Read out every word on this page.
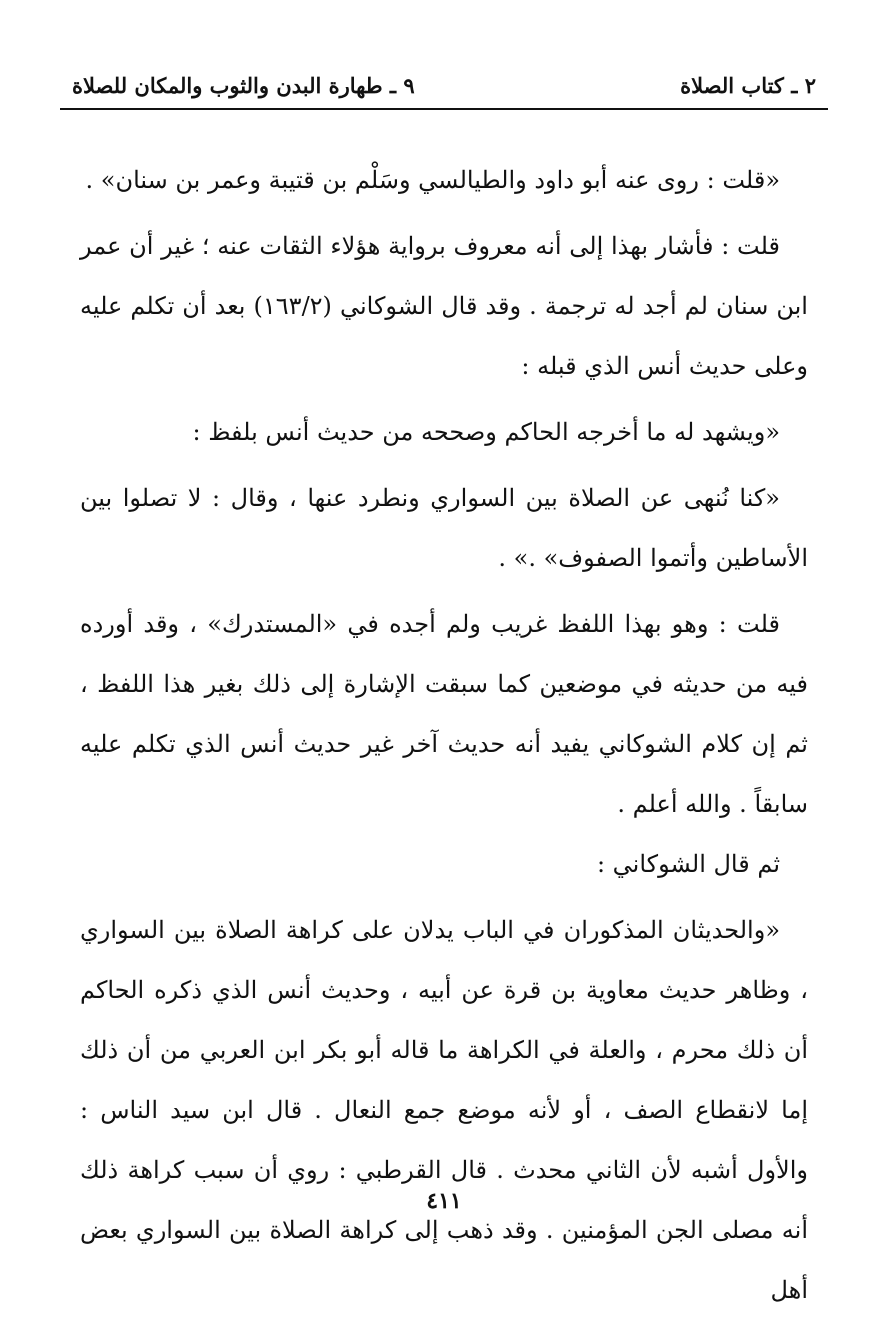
٢ ـ كتاب الصلاة
٩ ـ طهارة البدن والثوب والمكان للصلاة

«قلت : روى عنه أبو داود والطيالسي وسَلْم بن قتيبة وعمر بن سنان» .

قلت : فأشار بهذا إلى أنه معروف برواية هؤلاء الثقات عنه ؛ غير أن عمر ابن سنان لم أجد له ترجمة . وقد قال الشوكاني (١٦٣/٢) بعد أن تكلم عليه وعلى حديث أنس الذي قبله :

«ويشهد له ما أخرجه الحاكم وصححه من حديث أنس بلفظ :

«كنا نُنهى عن الصلاة بين السواري ونطرد عنها ، وقال : لا تصلوا بين الأساطين وأتموا الصفوف» .» .

قلت : وهو بهذا اللفظ غريب ولم أجده في «المستدرك» ، وقد أورده فيه من حديثه في موضعين كما سبقت الإشارة إلى ذلك بغير هذا اللفظ ، ثم إن كلام الشوكاني يفيد أنه حديث آخر غير حديث أنس الذي تكلم عليه سابقاً . والله أعلم .

ثم قال الشوكاني :

«والحديثان المذكوران في الباب يدلان على كراهة الصلاة بين السواري ، وظاهر حديث معاوية بن قرة عن أبيه ، وحديث أنس الذي ذكره الحاكم أن ذلك محرم ، والعلة في الكراهة ما قاله أبو بكر ابن العربي من أن ذلك إما لانقطاع الصف ، أو لأنه موضع جمع النعال . قال ابن سيد الناس : والأول أشبه لأن الثاني محدث . قال القرطبي : روي أن سبب كراهة ذلك أنه مصلى الجن المؤمنين . وقد ذهب إلى كراهة الصلاة بين السواري بعض أهل

٤١١
